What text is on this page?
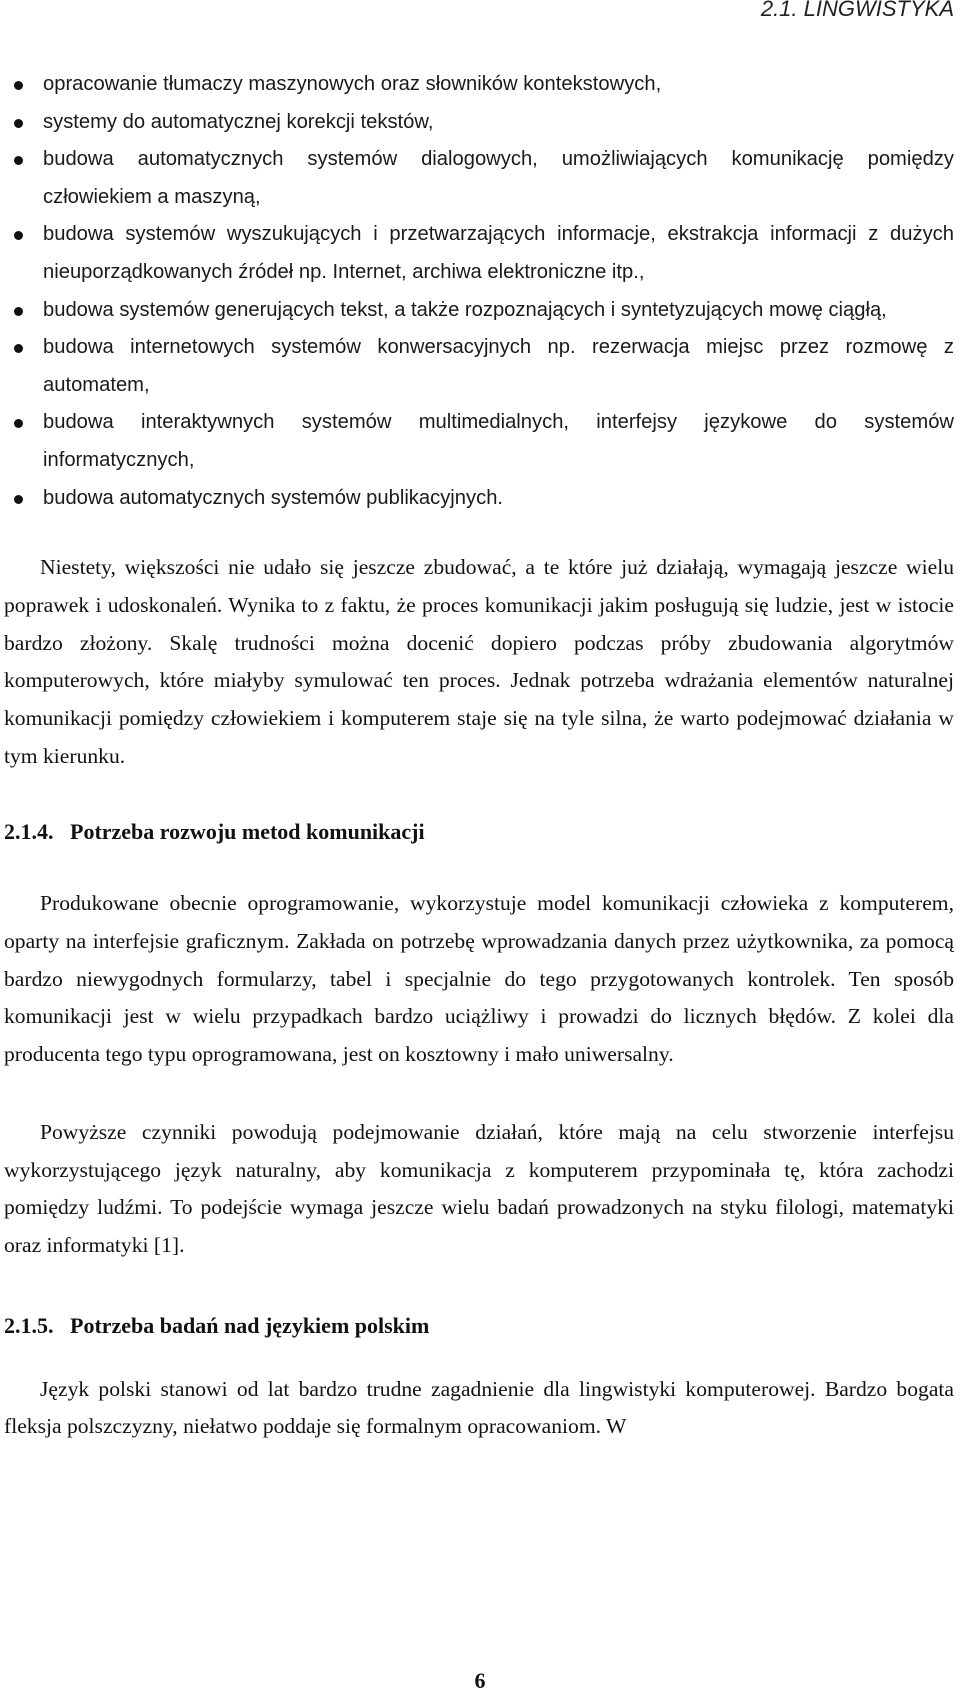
2.1. LINGWISTYKA
opracowanie tłumaczy maszynowych oraz słowników kontekstowych,
systemy do automatycznej korekcji tekstów,
budowa automatycznych systemów dialogowych, umożliwiających komunikację pomiędzy człowiekiem a maszyną,
budowa systemów wyszukujących i przetwarzających informacje, ekstrakcja informacji z dużych nieuporządkowanych źródeł np. Internet, archiwa elektroniczne itp.,
budowa systemów generujących tekst, a także rozpoznających i syntetyzujących mowę ciągłą,
budowa internetowych systemów konwersacyjnych np. rezerwacja miejsc przez rozmowę z automatem,
budowa interaktywnych systemów multimedialnych, interfejsy językowe do systemów informatycznych,
budowa automatycznych systemów publikacyjnych.

Niestety, większości nie udało się jeszcze zbudować, a te które już działają, wymagają jeszcze wielu poprawek i udoskonaleń. Wynika to z faktu, że proces komunikacji jakim posługują się ludzie, jest w istocie bardzo złożony. Skalę trudności można docenić dopiero podczas próby zbudowania algorytmów komputerowych, które miałyby symulować ten proces. Jednak potrzeba wdrażania elementów naturalnej komunikacji pomiędzy człowiekiem i komputerem staje się na tyle silna, że warto podejmować działania w tym kierunku.

2.1.4. Potrzeba rozwoju metod komunikacji

Produkowane obecnie oprogramowanie, wykorzystuje model komunikacji człowieka z komputerem, oparty na interfejsie graficznym. Zakłada on potrzebę wprowadzania danych przez użytkownika, za pomocą bardzo niewygodnych formularzy, tabel i specjalnie do tego przygotowanych kontrolek. Ten sposób komunikacji jest w wielu przypadkach bardzo uciążliwy i prowadzi do licznych błędów. Z kolei dla producenta tego typu oprogramowana, jest on kosztowny i mało uniwersalny.

Powyższe czynniki powodują podejmowanie działań, które mają na celu stworzenie interfejsu wykorzystującego język naturalny, aby komunikacja z komputerem przypominała tę, która zachodzi pomiędzy ludźmi. To podejście wymaga jeszcze wielu badań prowadzonych na styku filologi, matematyki oraz informatyki [1].

2.1.5. Potrzeba badań nad językiem polskim

Język polski stanowi od lat bardzo trudne zagadnienie dla lingwistyki komputerowej. Bardzo bogata fleksja polszczyzny, niełatwo poddaje się formalnym opracowaniom. W

6
